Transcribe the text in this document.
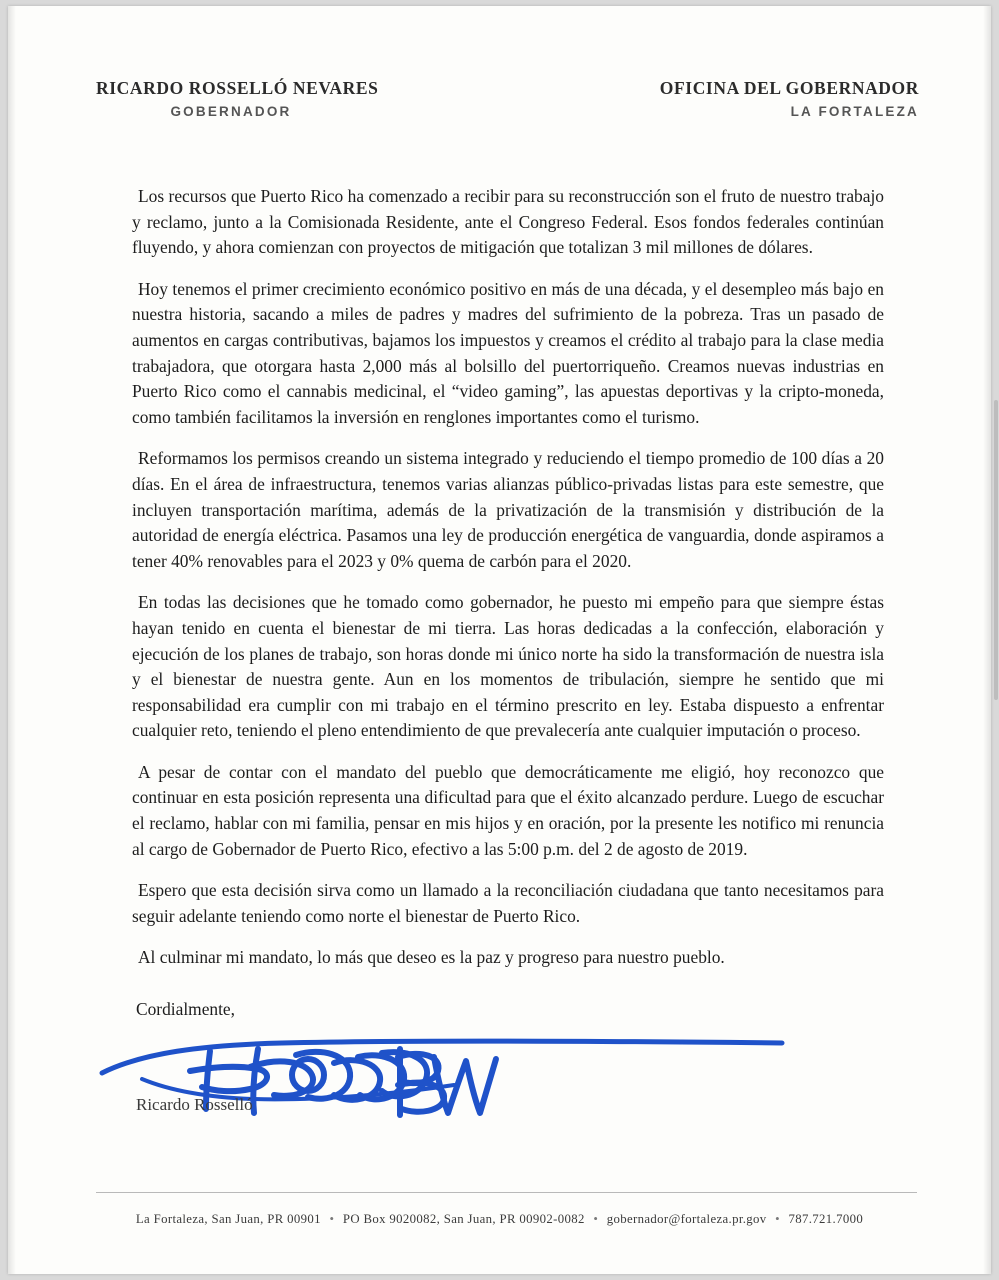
RICARDO ROSSELLÓ NEVARES
GOBERNADOR
OFICINA DEL GOBERNADOR
LA FORTALEZA

Los recursos que Puerto Rico ha comenzado a recibir para su reconstrucción son el fruto de nuestro trabajo y reclamo, junto a la Comisionada Residente, ante el Congreso Federal. Esos fondos federales continúan fluyendo, y ahora comienzan con proyectos de mitigación que totalizan 3 mil millones de dólares.

Hoy tenemos el primer crecimiento económico positivo en más de una década, y el desempleo más bajo en nuestra historia, sacando a miles de padres y madres del sufrimiento de la pobreza. Tras un pasado de aumentos en cargas contributivas, bajamos los impuestos y creamos el crédito al trabajo para la clase media trabajadora, que otorgara hasta 2,000 más al bolsillo del puertorriqueño. Creamos nuevas industrias en Puerto Rico como el cannabis medicinal, el “video gaming”, las apuestas deportivas y la cripto-moneda, como también facilitamos la inversión en renglones importantes como el turismo.

Reformamos los permisos creando un sistema integrado y reduciendo el tiempo promedio de 100 días a 20 días. En el área de infraestructura, tenemos varias alianzas público-privadas listas para este semestre, que incluyen transportación marítima, además de la privatización de la transmisión y distribución de la autoridad de energía eléctrica. Pasamos una ley de producción energética de vanguardia, donde aspiramos a tener 40% renovables para el 2023 y 0% quema de carbón para el 2020.

En todas las decisiones que he tomado como gobernador, he puesto mi empeño para que siempre éstas hayan tenido en cuenta el bienestar de mi tierra. Las horas dedicadas a la confección, elaboración y ejecución de los planes de trabajo, son horas donde mi único norte ha sido la transformación de nuestra isla y el bienestar de nuestra gente. Aun en los momentos de tribulación, siempre he sentido que mi responsabilidad era cumplir con mi trabajo en el término prescrito en ley. Estaba dispuesto a enfrentar cualquier reto, teniendo el pleno entendimiento de que prevalecería ante cualquier imputación o proceso.

A pesar de contar con el mandato del pueblo que democráticamente me eligió, hoy reconozco que continuar en esta posición representa una dificultad para que el éxito alcanzado perdure. Luego de escuchar el reclamo, hablar con mi familia, pensar en mis hijos y en oración, por la presente les notifico mi renuncia al cargo de Gobernador de Puerto Rico, efectivo a las 5:00 p.m. del 2 de agosto de 2019.

Espero que esta decisión sirva como un llamado a la reconciliación ciudadana que tanto necesitamos para seguir adelante teniendo como norte el bienestar de Puerto Rico.

Al culminar mi mandato, lo más que deseo es la paz y progreso para nuestro pueblo.

Cordialmente,
Ricardo Rosselló
La Fortaleza, San Juan, PR 00901 • PO Box 9020082, San Juan, PR 00902-0082 • gobernador@fortaleza.pr.gov • 787.721.7000
